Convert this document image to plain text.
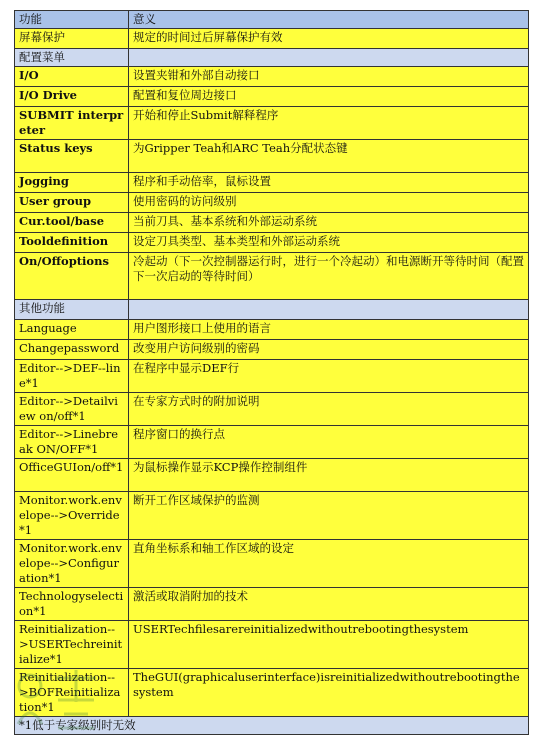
功能	意义
屏幕保护	规定的时间过后屏幕保护有效
配置菜单	
I/O	设置夹钳和外部自动接口
I/O Drive	配置和复位周边接口
SUBMIT interpreter	开始和停止Submit解释程序
Status keys	为Gripper Teah和ARC Teah分配状态键
Jogging	程序和手动倍率，鼠标设置
User group	使用密码的访问级别
Cur.tool/base	当前刀具、基本系统和外部运动系统
Tooldefinition	设定刀具类型、基本类型和外部运动系统
On/Offoptions	冷起动（下一次控制器运行时，进行一个冷起动）和电源断开等待时间（配置下一次启动的等待时间）
其他功能	
Language	用户图形接口上使用的语言
Changepassword	改变用户访问级别的密码
Editor-->DEF--line*1	在程序中显示DEF行
Editor-->Detailview on/off*1	在专家方式时的附加说明
Editor-->Linebreak ON/OFF*1	程序窗口的换行点
OfficeGUIon/off*1	为鼠标操作显示KCP操作控制组件
Monitor.work.envelope-->Override*1	断开工作区域保护的监测
Monitor.work.envelope-->Configuration*1	直角坐标系和轴工作区域的设定
Technologyselection*1	激活或取消附加的技术
Reinitialization-->USERTechreinitialize*1	USERTechfilesarereinitializedwithoutrebootingthesystem
Reinitialization-->BOFReinitialization*1	TheGUI(graphicaluserinterface)isreinitializedwithoutrebootingthesystem
*1低于专家级别时无效	
